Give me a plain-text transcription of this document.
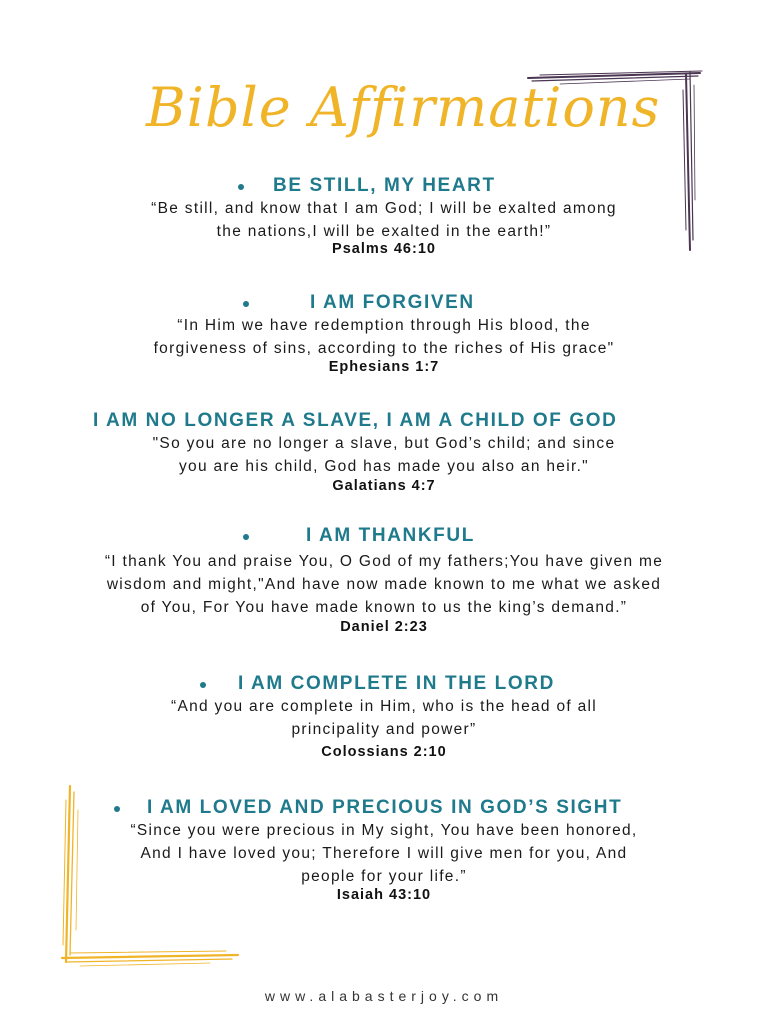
Bible Affirmations
BE STILL, MY HEART
“Be still, and know that I am God; I will be exalted among
the nations,I will be exalted in the earth!”
Psalms 46:10
I AM FORGIVEN
“In Him we have redemption through His blood, the
forgiveness of sins, according to the riches of His grace"
Ephesians 1:7
I AM NO LONGER A SLAVE, I AM A CHILD OF GOD
"So you are no longer a slave, but God’s child; and since
you are his child, God has made you also an heir."
Galatians 4:7
I AM THANKFUL
“I thank You and praise You, O God of my fathers;You have given me
wisdom and might,"And have now made known to me what we asked
of You, For You have made known to us the king’s demand.”
Daniel 2:23
I AM COMPLETE IN THE LORD
“And you are complete in Him, who is the head of all
principality and power”
Colossians 2:10
I AM LOVED AND PRECIOUS IN GOD’S SIGHT
“Since you were precious in My sight, You have been honored,
And I have loved you; Therefore I will give men for you, And
people for your life.”
Isaiah 43:10
www.alabasterjoy.com
